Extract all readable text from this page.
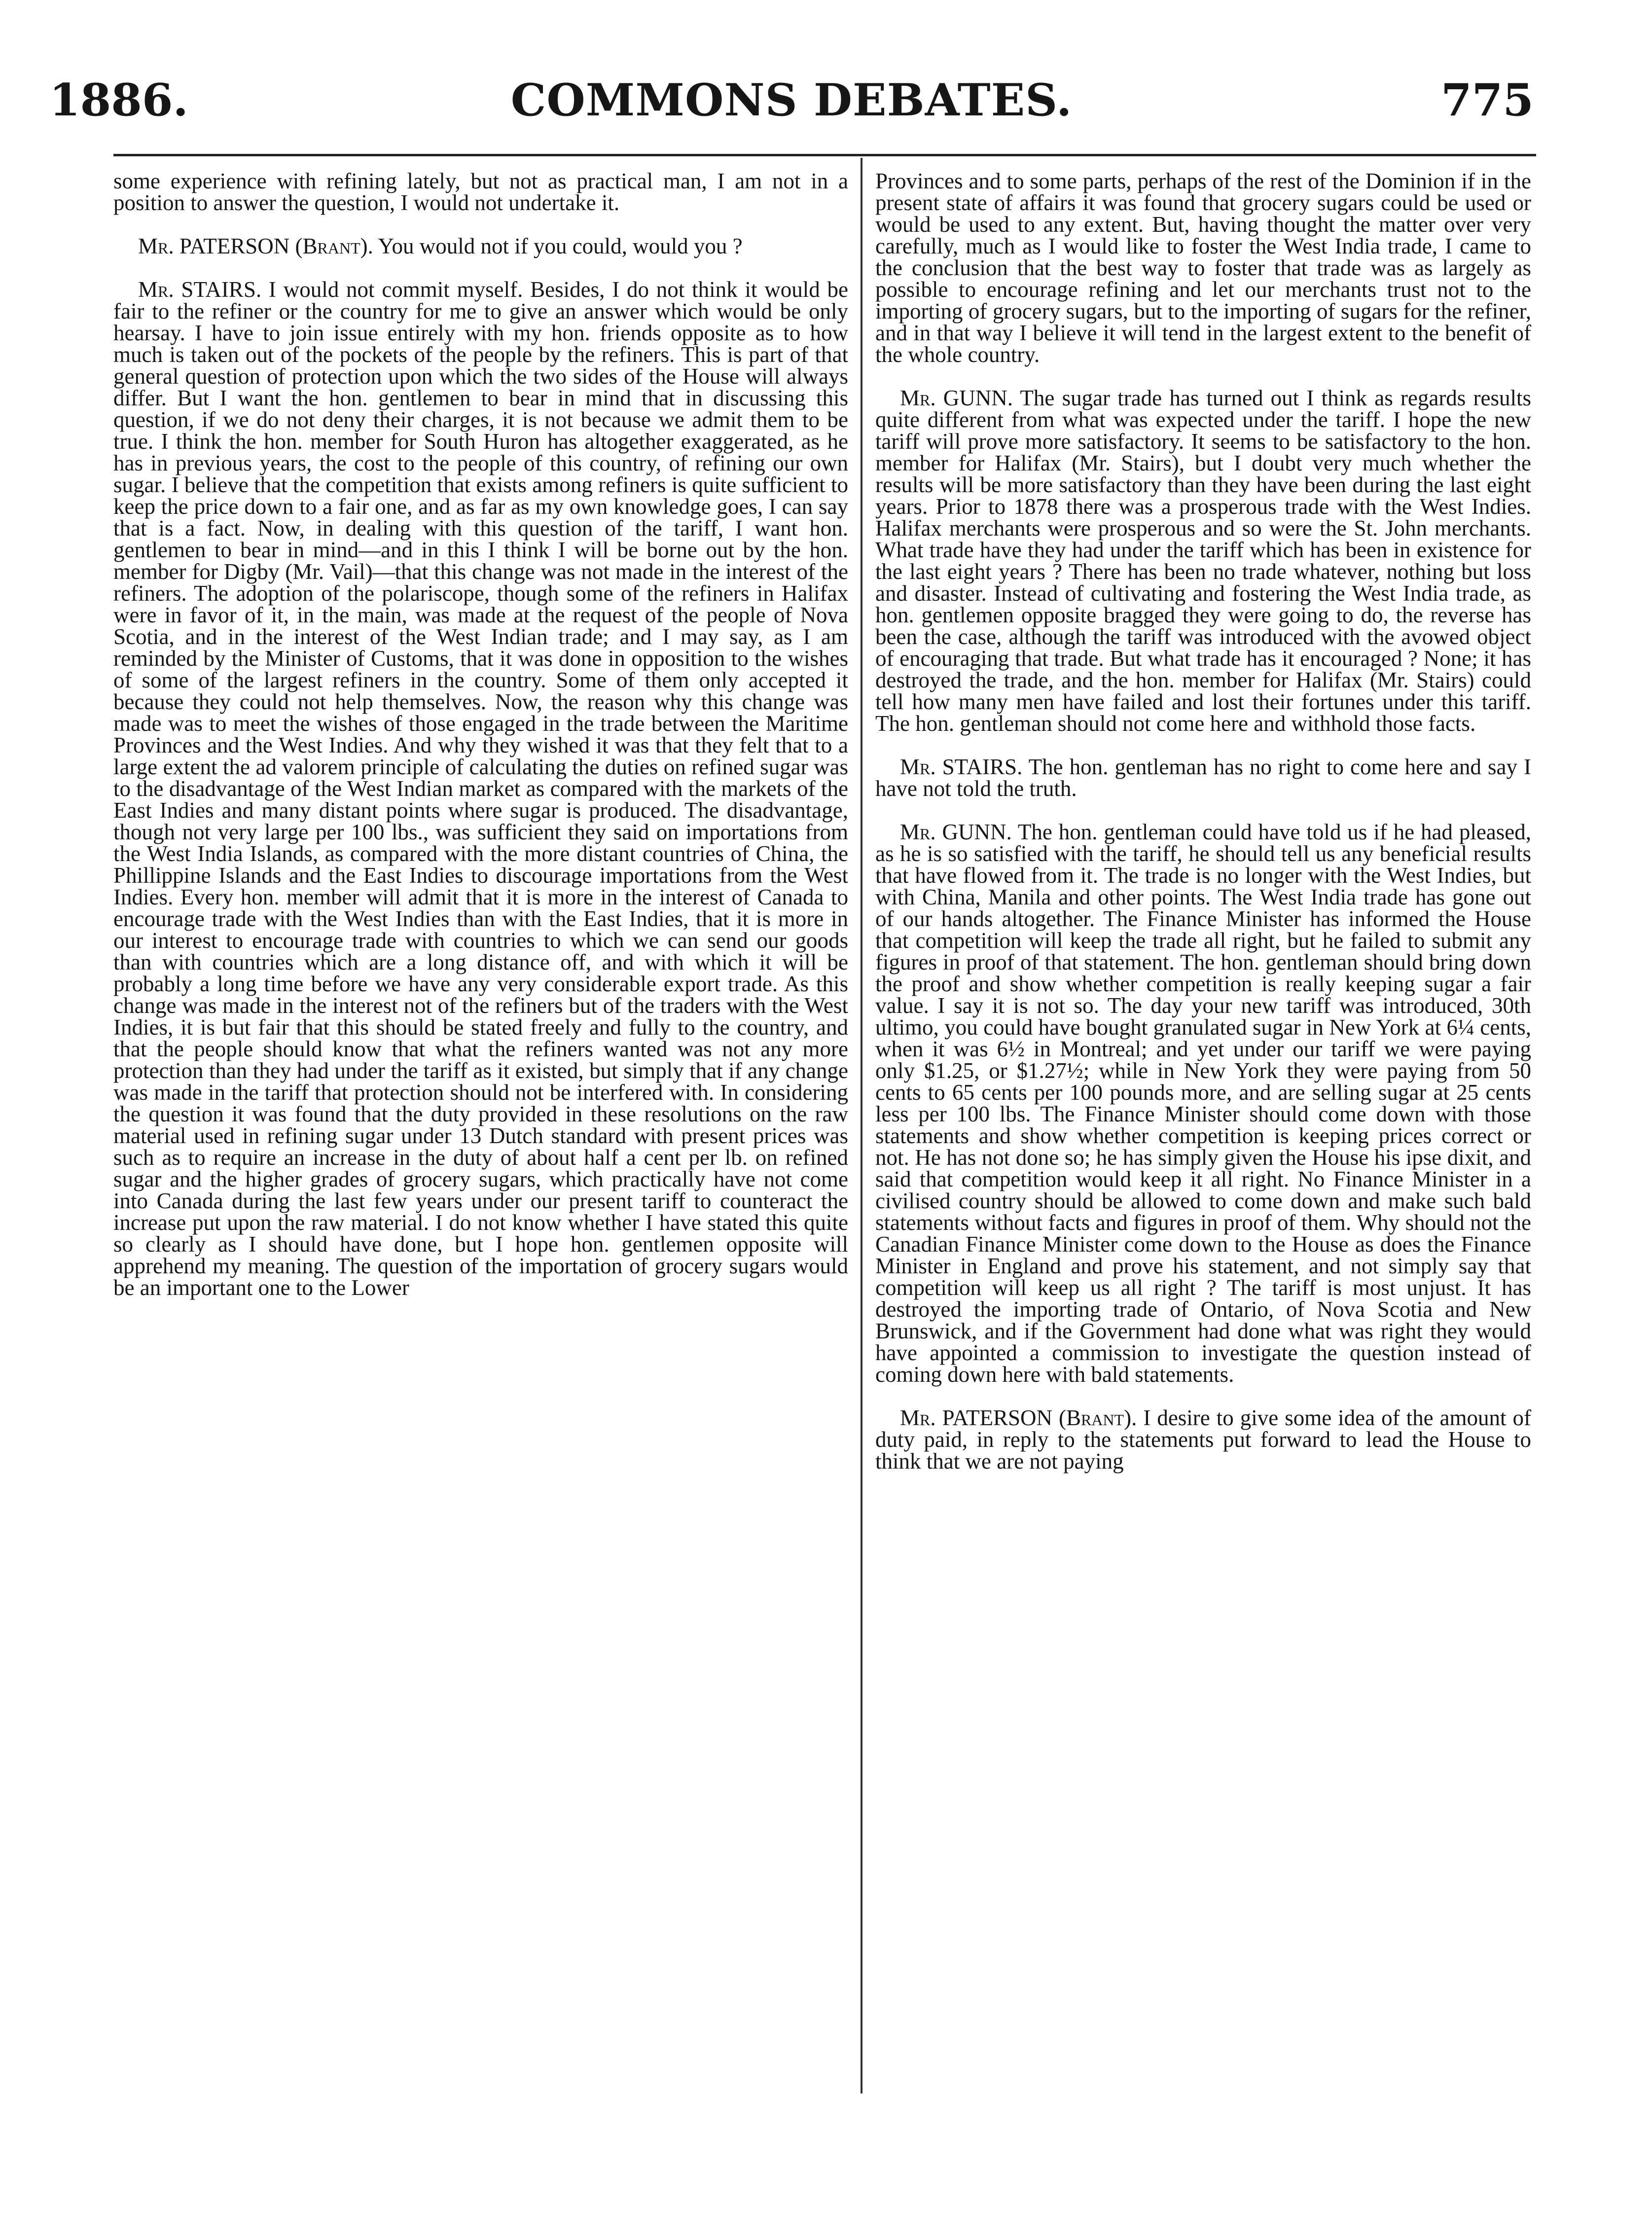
1886.	COMMONS DEBATES.	775

some experience with refining lately, but not as practical man, I am not in a position to answer the question, I would not undertake it.

Mr. PATERSON (Brant). You would not if you could, would you ?

Mr. STAIRS. I would not commit myself. Besides, I do not think it would be fair to the refiner or the country for me to give an answer which would be only hearsay. I have to join issue entirely with my hon. friends opposite as to how much is taken out of the pockets of the people by the refiners. This is part of that general question of protection upon which the two sides of the House will always differ. But I want the hon. gentlemen to bear in mind that in discussing this question, if we do not deny their charges, it is not because we admit them to be true. I think the hon. member for South Huron has altogether exaggerated, as he has in previous years, the cost to the people of this country, of refining our own sugar. I believe that the competition that exists among refiners is quite sufficient to keep the price down to a fair one, and as far as my own knowledge goes, I can say that is a fact. Now, in dealing with this question of the tariff, I want hon. gentlemen to bear in mind—and in this I think I will be borne out by the hon. member for Digby (Mr. Vail)—that this change was not made in the interest of the refiners. The adoption of the polariscope, though some of the refiners in Halifax were in favor of it, in the main, was made at the request of the people of Nova Scotia, and in the interest of the West Indian trade; and I may say, as I am reminded by the Minister of Customs, that it was done in opposition to the wishes of some of the largest refiners in the country. Some of them only accepted it because they could not help themselves. Now, the reason why this change was made was to meet the wishes of those engaged in the trade between the Maritime Provinces and the West Indies. And why they wished it was that they felt that to a large extent the ad valorem principle of calculating the duties on refined sugar was to the disadvantage of the West Indian market as compared with the markets of the East Indies and many distant points where sugar is produced. The disadvantage, though not very large per 100 lbs., was sufficient they said on importations from the West India Islands, as compared with the more distant countries of China, the Phillippine Islands and the East Indies to discourage importations from the West Indies. Every hon. member will admit that it is more in the interest of Canada to encourage trade with the West Indies than with the East Indies, that it is more in our interest to encourage trade with countries to which we can send our goods than with countries which are a long distance off, and with which it will be probably a long time before we have any very considerable export trade. As this change was made in the interest not of the refiners but of the traders with the West Indies, it is but fair that this should be stated freely and fully to the country, and that the people should know that what the refiners wanted was not any more protection than they had under the tariff as it existed, but simply that if any change was made in the tariff that protection should not be interfered with. In considering the question it was found that the duty provided in these resolutions on the raw material used in refining sugar under 13 Dutch standard with present prices was such as to require an increase in the duty of about half a cent per lb. on refined sugar and the higher grades of grocery sugars, which practically have not come into Canada during the last few years under our present tariff to counteract the increase put upon the raw material. I do not know whether I have stated this quite so clearly as I should have done, but I hope hon. gentlemen opposite will apprehend my meaning. The question of the importation of grocery sugars would be an important one to the Lower

Provinces and to some parts, perhaps of the rest of the Dominion if in the present state of affairs it was found that grocery sugars could be used or would be used to any extent. But, having thought the matter over very carefully, much as I would like to foster the West India trade, I came to the conclusion that the best way to foster that trade was as largely as possible to encourage refining and let our merchants trust not to the importing of grocery sugars, but to the importing of sugars for the refiner, and in that way I believe it will tend in the largest extent to the benefit of the whole country.

Mr. GUNN. The sugar trade has turned out I think as regards results quite different from what was expected under the tariff. I hope the new tariff will prove more satisfactory. It seems to be satisfactory to the hon. member for Halifax (Mr. Stairs), but I doubt very much whether the results will be more satisfactory than they have been during the last eight years. Prior to 1878 there was a prosperous trade with the West Indies. Halifax merchants were prosperous and so were the St. John merchants. What trade have they had under the tariff which has been in existence for the last eight years ? There has been no trade whatever, nothing but loss and disaster. Instead of cultivating and fostering the West India trade, as hon. gentlemen opposite bragged they were going to do, the reverse has been the case, although the tariff was introduced with the avowed object of encouraging that trade. But what trade has it encouraged ? None; it has destroyed the trade, and the hon. member for Halifax (Mr. Stairs) could tell how many men have failed and lost their fortunes under this tariff. The hon. gentleman should not come here and withhold those facts.

Mr. STAIRS. The hon. gentleman has no right to come here and say I have not told the truth.

Mr. GUNN. The hon. gentleman could have told us if he had pleased, as he is so satisfied with the tariff, he should tell us any beneficial results that have flowed from it. The trade is no longer with the West Indies, but with China, Manila and other points. The West India trade has gone out of our hands altogether. The Finance Minister has informed the House that competition will keep the trade all right, but he failed to submit any figures in proof of that statement. The hon. gentleman should bring down the proof and show whether competition is really keeping sugar a fair value. I say it is not so. The day your new tariff was introduced, 30th ultimo, you could have bought granulated sugar in New York at 6¼ cents, when it was 6½ in Montreal; and yet under our tariff we were paying only $1.25, or $1.27½; while in New York they were paying from 50 cents to 65 cents per 100 pounds more, and are selling sugar at 25 cents less per 100 lbs. The Finance Minister should come down with those statements and show whether competition is keeping prices correct or not. He has not done so; he has simply given the House his ipse dixit, and said that competition would keep it all right. No Finance Minister in a civilised country should be allowed to come down and make such bald statements without facts and figures in proof of them. Why should not the Canadian Finance Minister come down to the House as does the Finance Minister in England and prove his statement, and not simply say that competition will keep us all right ? The tariff is most unjust. It has destroyed the importing trade of Ontario, of Nova Scotia and New Brunswick, and if the Government had done what was right they would have appointed a commission to investigate the question instead of coming down here with bald statements.

Mr. PATERSON (Brant). I desire to give some idea of the amount of duty paid, in reply to the statements put forward to lead the House to think that we are not paying
